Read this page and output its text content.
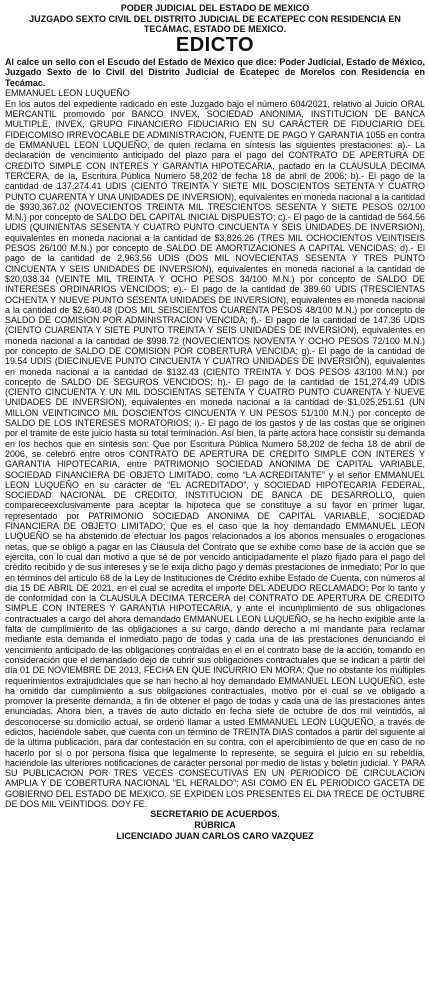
PODER JUDICIAL DEL ESTADO DE MEXICO
JUZGADO SEXTO CIVIL DEL DISTRITO JUDICIAL DE ECATEPEC CON RESIDENCIA EN
TECÁMAC, ESTADO DE MEXICO.
EDICTO
Al calce un sello con el Escudo del Estado de México que dice: Poder Judicial, Estado de México, Juzgado Sexto de lo Civil del Distrito Judicial de Ecatepec de Morelos con Residencia en Tecámac.
EMMANUEL LEON LUQUEÑO
En los autos del expediente radicado en este Juzgado bajo el número 604/2021, relativo al Juicio ORAL MERCANTIL promovido por BANCO INVEX, SOCIEDAD ANONIMA, INSTITUCION DE BANCA MULTIPLE, INVEX, GRUPO FINANCIERO FIDUCIARIO EN SU CARÁCTER DE FIDUCIARIO DEL FIDEICOMISO IRREVOCABLE DE ADMINISTRACION, FUENTE DE PAGO Y GARANTIA 1055 en contra de EMMANUEL LEON LUQUEÑO, de quien reclama en síntesis las siguientes prestaciones: a).- La declaración de vencimiento anticipado del plazo para el pago del CONTRATO DE APERTURA DE CREDITO SIMPLE CON INTERES Y GARANTIA HIPOTECARIA, pactado en la CLAUSULA DECIMA TERCERA, de la, Escritura Pública Numero 58,202 de fecha 18 de abril de 2006; b).- El pago de la cantidad de 137,274.41 UDIS (CIENTO TREINTA Y SIETE MIL DOSCIENTOS SETENTA Y CUATRO PUNTO CUARENTA Y UNA UNIDADES DE INVERSION), equivalentes en moneda nacional a la cantidad de $930,367.02 (NOVECIENTOS TREINTA MIL TRESCIENTOS SESENTA Y SIETE PESOS 02/100 M.N.) por concepto de SALDO DEL CAPITAL INICIAL DISPUESTO; c).- El pago de la cantidad de 564.56 UDIS (QUINIENTAS SESENTA Y CUATRO PUNTO CINCUENTA Y SEIS UNIDADES DE INVERSION), equivalentes en moneda nacional a la cantidad de $3,826.26 (TRES MIL OCHOCIENTOS VEINTISEIS PESOS 26/100 M.N.) por concepto de SALDO DE AMORTIZACIONES A CAPITAL VENCIDAS; d).- El pago de la cantidad de 2,963.56 UDIS (DOS MIL NOVECIENTAS SESENTA Y TRES PUNTO CINCUENTA Y SEIS UNIDADES DE INVERSION), equivalentes en moneda nacional a la cantidad de $20,038.34 (VEINTE MIL TREINTA Y OCHO PESOS 34/100 M.N.) por concepto de SALDO DE INTERESES ORDINARIOS VENCIDOS; e).- El pago de la cantidad de 389.60 UDIS (TRESCIENTAS OCHENTA Y NUEVE PUNTO SESENTA UNIDADES DE INVERSION), equivalentes en moneda nacional a la cantidad de $2,640.48 (DOS MIL SEISCIENTOS CUARENTA PESOS 48/100 M.N.) por concepto de SALDO DE COMISION POR ADMINISTRACION VENCIDA; f).- El pago de la cantidad de 147.36 UDIS (CIENTO CUARENTA Y SIETE PUNTO TREINTA Y SEIS UNIDADES DE INVERSION), equivalentes en moneda nacional a la cantidad de $998.72 (NOVECIENTOS NOVENTA Y OCHO PESOS 72/100 M.N.) por concepto de SALDO DE COMISION POR COBERTURA VENCIDA; g).- El pago de la cantidad de 19.54 UDIS (DIECINUEVE PUNTO CINCUENTA Y CUATRO UNIDADES DE INVERSIÓN), equivalentes en moneda nacional a la cantidad de $132.43 (CIENTO TREINTA Y DOS PESOS 43/100 M.N.) por concepto de SALDO DE SEGUROS VENCIDOS; h).- El pago de la cantidad de 151,274.49 UDIS (CIENTO CINCUENTA Y UN MIL DOSCIENTAS SETENTA Y CUATRO PUNTO CUARENTA Y NUEVE UNIDADES DE INVERSION), equivalentes en moneda nacional a la cantidad de $1,025,251.51 (UN MILLON VEINTICINCO MIL DOSCIENTOS CINCUENTA Y UN PESOS 51/100 M.N.) por concepto de SALDO DE LOS INTERESES MORATORIOS; i).- El pago de los gastos y de las costas que se originen por el trámite de éste juicio hasta su total terminación. Así bien, la parte actora hace consistir su demanda en los hechos que en síntesis son: Que por Escritura Pública Numero 58,202 de fecha 18 de abril de 2006, se celebró entre otros CONTRATO DE APERTURA DE CREDITO SIMPLE CON INTERES Y GARANTIA HIPOTECARIA, entre PATRIMONIO SOCIEDAD ANONIMA DE CAPITAL VARIABLE, SOCIEDAD FINANCIERA DE OBJETO LIMITADO, como “LA ACREDITANTE” y el señor EMMANUEL LEON LUQUEÑO en su carácter de “EL ACREDITADO”, y SOCIEDAD HIPOTECARIA FEDERAL, SOCIEDAD NACIONAL DE CREDITO, INSTITUCION DE BANCA DE DESARROLLO, quien compareceexclusivamente para aceptar la hipoteca que se constituye a su favor en primer lugar, representado por PATRIMONIO SOCIEDAD ANONIMA DE CAPITAL VARIABLE, SOCIEDAD FINANCIERA DE OBJETO LIMITADO; Que es el caso que la hoy demandado EMMANUEL LEON LUQUEÑO se ha abstenido de efectuar los pagos relacionados a los abonos mensuales o erogaciones netas, que se obligó a pagar en las Cláusula del Contrato que se exhibe como base de la acción que se ejercita, con lo cual dan motivo a que sé de por vencido anticipadamente el plazo fijado para el pago del crédito recibido y de sus intereses y se le exija dicho pago y demás prestaciones de inmediato; Por lo que en términos del artículo 68 de la Ley de Instituciones de Crédito exhibe Estado de Cuenta, con números al día 15 DE ABRIL DE 2021, en el cual se acredita el importe DEL ADEUDO RECLAMADO; Por lo tanto y de conformidad con la CLAUSULA DECIMA TERCERA del CONTRATO DE APERTURA DE CREDITO SIMPLE CON INTERES Y GARANTIA HIPOTECARIA, y ante el incumplimiento de sus obligaciones contractuales a cargo del ahora demandado EMMANUEL LEON LUQUEÑO, se ha hecho exigible ante la falta de cumplimiento de las obligaciones a su cargo, dando derecho a mi mandante para reclamar mediante esta demanda el inmediato pago de todas y cada una de las prestaciones denunciando el vencimiento anticipado de las obligaciones contraídas en el en el contrato base de la acción, tomando en consideración que el demandado dejo de cubrir sus obligaciones contractuales que se indican a partir del día 01 DE NOVIEMBRE DE 2013, FECHA EN QUE INCURRIO EN MORA; Que no obstante los múltiples requerimientos extrajudiciales que se han hecho al hoy demandado EMMANUEL LEON LUQUEÑO, este ha omitido dar cumplimiento a sus obligaciones contractuales, motivo por el cual se ve obligado a promover la presente demanda, a fin de obtener el pago de todas y cada una de las prestaciones antes enunciadas. Ahora bien, a través de auto dictado en fecha siete de octubre de dos mil veintidós, al desconocerse su domicilio actual, se ordenó llamar a usted EMMANUEL LEON LUQUEÑO, a través de edictos, haciéndole saber, que cuenta con un término de TREINTA DIAS contados a partir del siguiente al de la última publicación, para dar contestación en su contra, con el apercibimiento de que en caso de no hacerlo por sí o por persona física que legalmente lo represente, se seguirá el juicio en su rebeldía, haciéndole las ulteriores notificaciones de carácter personal por medio de listas y boletín judicial. Y PARA SU PUBLICACION POR TRES VECES CONSECUTIVAS EN UN PERIODICO DE CIRCULACION AMPLIA Y DE COBERTURA NACIONAL “EL HERALDO”; ASI COMO EN EL PERIODICO GACETA DE GOBIERNO DEL ESTADO DE MEXICO. SE EXPIDEN LOS PRESENTES EL DIA TRECE DE OCTUBRE DE DOS MIL VEINTIDOS. DOY FE.
SECRETARIO DE ACUERDOS.
RÚBRICA
LICENCIADO JUAN CARLOS CARO VAZQUEZ
